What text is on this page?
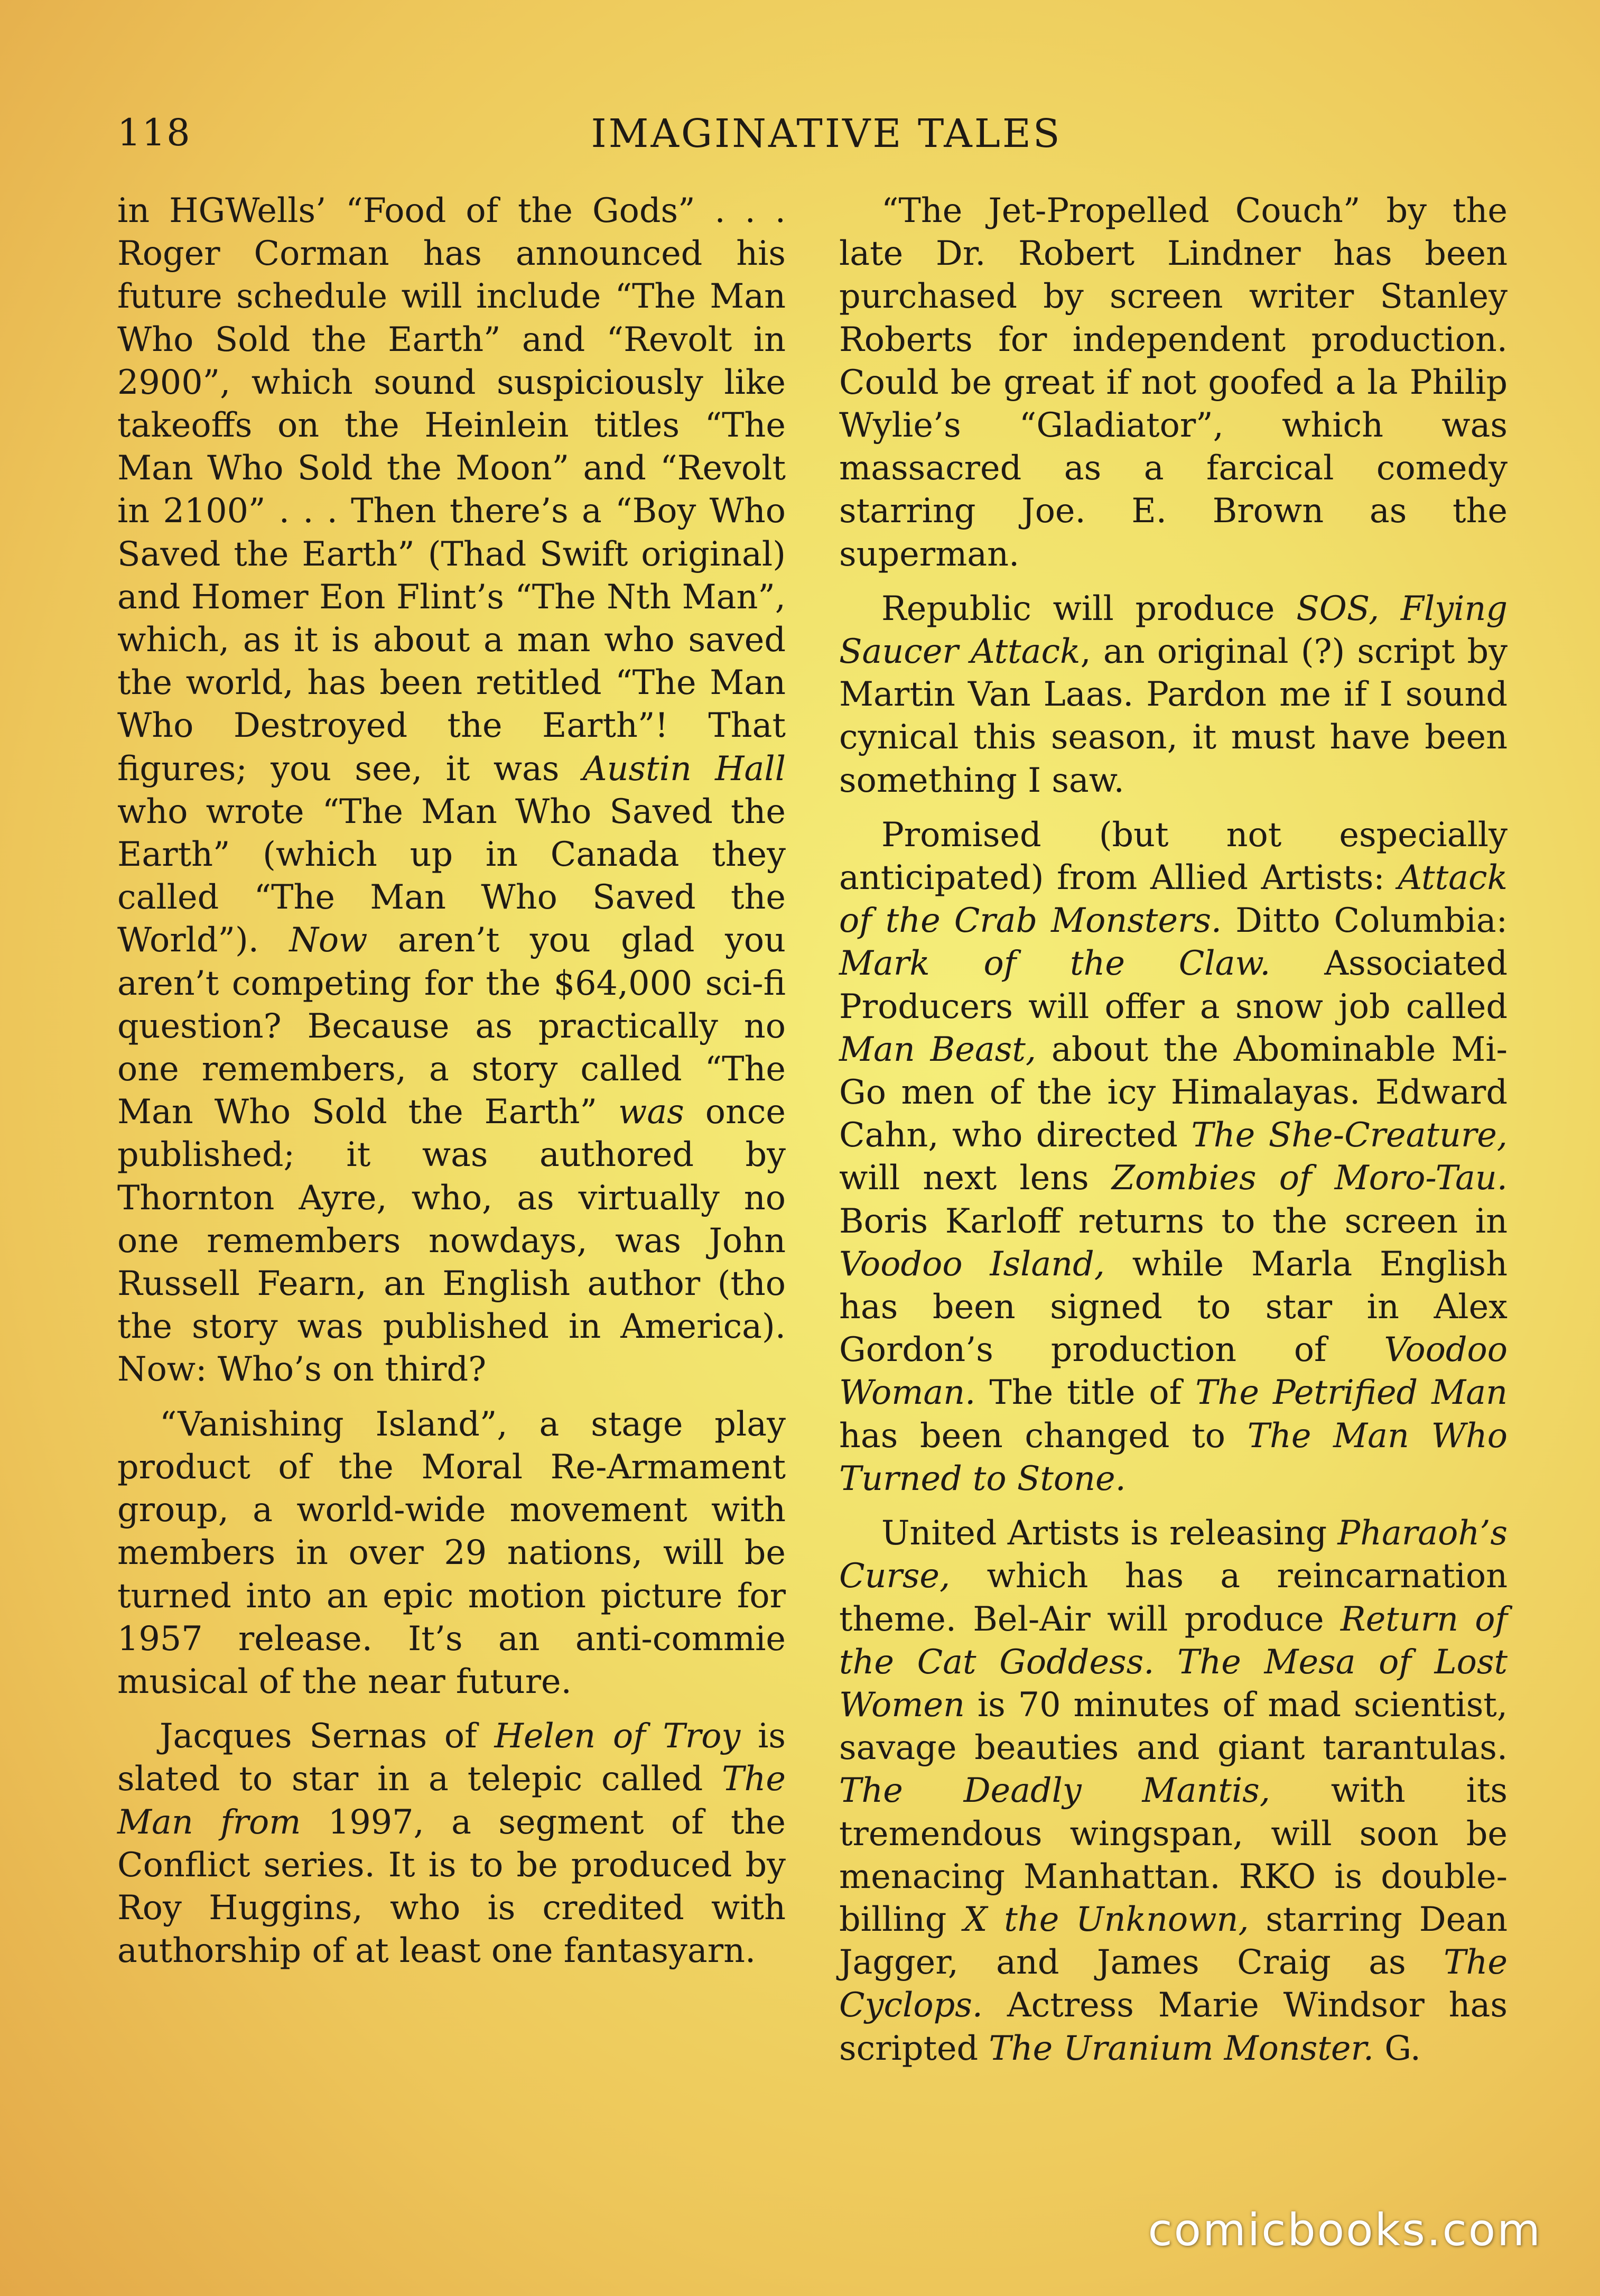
118	IMAGINATIVE TALES

in HGWells’ “Food of the Gods” . . . Roger Corman has announced his future schedule will include “The Man Who Sold the Earth” and “Revolt in 2900”, which sound suspiciously like takeoffs on the Heinlein titles “The Man Who Sold the Moon” and “Revolt in 2100” . . . Then there’s a “Boy Who Saved the Earth” (Thad Swift original) and Homer Eon Flint’s “The Nth Man”, which, as it is about a man who saved the world, has been retitled “The Man Who Destroyed the Earth”! That figures; you see, it was Austin Hall who wrote “The Man Who Saved the Earth” (which up in Canada they called “The Man Who Saved the World”). Now aren’t you glad you aren’t competing for the $64,000 sci-fi question? Because as practically no one remembers, a story called “The Man Who Sold the Earth” was once published; it was authored by Thornton Ayre, who, as virtually no one remembers nowdays, was John Russell Fearn, an English author (tho the story was published in America). Now: Who’s on third?

“Vanishing Island”, a stage play product of the Moral Re-Armament group, a world-wide movement with members in over 29 nations, will be turned into an epic motion picture for 1957 release. It’s an anti-commie musical of the near future.

Jacques Sernas of Helen of Troy is slated to star in a telepic called The Man from 1997, a segment of the Conflict series. It is to be produced by Roy Huggins, who is credited with authorship of at least one fantasyarn.

“The Jet-Propelled Couch” by the late Dr. Robert Lindner has been purchased by screen writer Stanley Roberts for independent production. Could be great if not goofed a la Philip Wylie’s “Gladiator”, which was massacred as a farcical comedy starring Joe. E. Brown as the superman.

Republic will produce SOS, Flying Saucer Attack, an original (?) script by Martin Van Laas. Pardon me if I sound cynical this season, it must have been something I saw.

Promised (but not especially anticipated) from Allied Artists: Attack of the Crab Monsters. Ditto Columbia: Mark of the Claw. Associated Producers will offer a snow job called Man Beast, about the Abominable Mi-Go men of the icy Himalayas. Edward Cahn, who directed The She-Creature, will next lens Zombies of Moro-Tau. Boris Karloff returns to the screen in Voodoo Island, while Marla English has been signed to star in Alex Gordon’s production of Voodoo Woman. The title of The Petrified Man has been changed to The Man Who Turned to Stone.

United Artists is releasing Pharaoh’s Curse, which has a reincarnation theme. Bel-Air will produce Return of the Cat Goddess. The Mesa of Lost Women is 70 minutes of mad scientist, savage beauties and giant tarantulas. The Deadly Mantis, with its tremendous wingspan, will soon be menacing Manhattan. RKO is double-billing X the Unknown, starring Dean Jagger, and James Craig as The Cyclops. Actress Marie Windsor has scripted The Uranium Monster. G.

comicbooks.com
